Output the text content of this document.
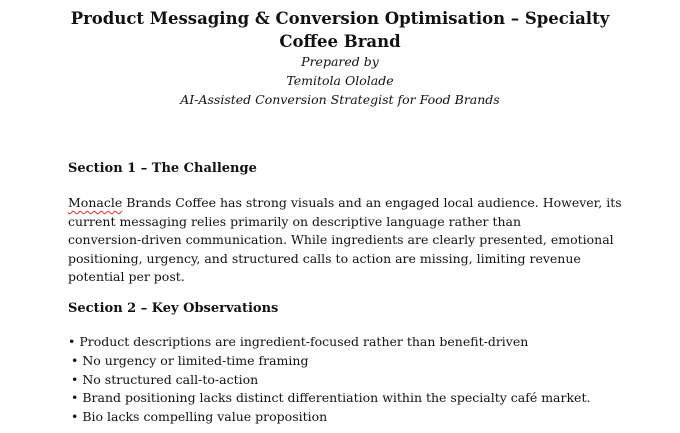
Product Messaging & Conversion Optimisation – Specialty
Coffee Brand

Prepared by

Temitola Ololade

AI-Assisted Conversion Strategist for Food Brands

Section 1 – The Challenge
Monacle Brands Coffee has strong visuals and an engaged local audience. However, its
current messaging relies primarily on descriptive language rather than
conversion-driven communication. While ingredients are clearly presented, emotional
positioning, urgency, and structured calls to action are missing, limiting revenue
potential per post.
Section 2 – Key Observations
• Product descriptions are ingredient-focused rather than benefit-driven
• No urgency or limited-time framing
• No structured call-to-action
• Brand positioning lacks distinct differentiation within the specialty café market.
• Bio lacks compelling value proposition
